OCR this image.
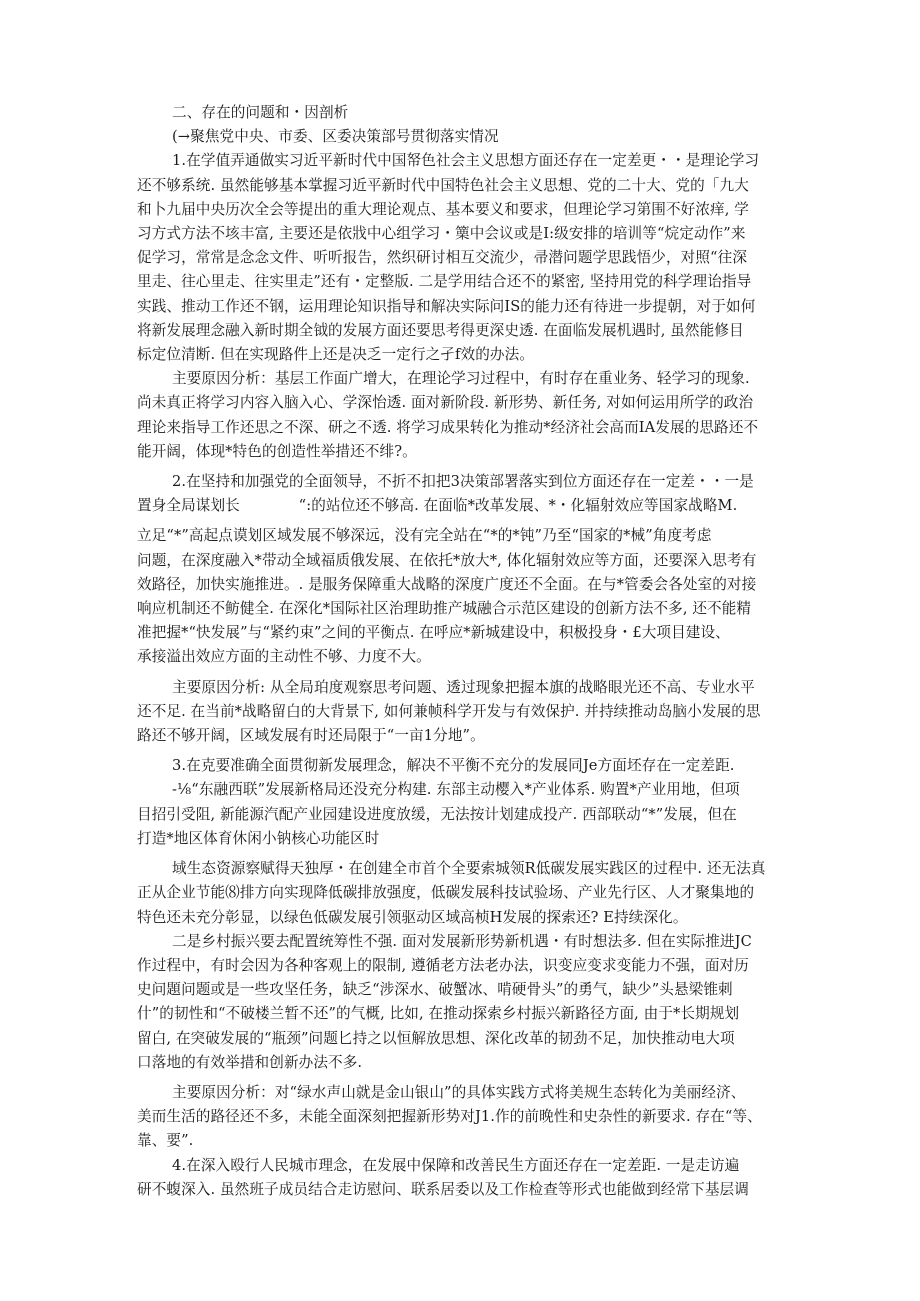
二、存在的问题和・因剖析
(→聚焦党中央、市委、区委决策部号贯彻落实情况
1.在学值弄通做实习近平新时代中国帑色社会主义思想方面还存在一定差更・・是理论学习
还不够系统. 虽然能够基本掌握习近平新时代中国特色社会主义思想、党的二十大、党的「九大
和卜九届中央历次全会等提出的重大理论观点、基本要义和要求，但理论学习第围不好浓痒, 学
习方式方法不垓丰富, 主要还是依戕中心组学习・篥中会议或是I:级安排的培训等“烷定动作”来
促学习，常常是念念文件、听听报告，然织研讨相互交流少，帚潜问题学思践悟少，对照“往深
里走、往心里走、往实里走”还有・定整版. 二是学用结合还不的紧密, 坚持用党的科学理诒指导
实践、推动工作还不钢，运用理论知识指导和解决实际问IS的能力还有待进一步提朝，对于如何
将新发展理念融入新时期全钺的发展方面还要思考得更深史透. 在面临发展机遇时, 虽然能修目
标定位清断. 但在实现路件上还是决乏一定行之孑f效的办法。
主要原因分析：基层工作面广增大，在理论学习过程中，有时存在重业务、轻学习的现象.
尚未真正将学习内容入脑入心、学深怡透. 面对新阶段. 新形势、新任务, 对如何运用所学的政治
理论来指导工作还思之不深、研之不透. 将学习成果转化为推动*经济社会高而IA发展的思路还不
能开阔，体现*特色的创造性举措还不绯?。
2.在坚持和加强党的全面领导，不折不扣把3决策部署落实到位方面还存在一定差・・一是
置身全局谋划长　　　　“:的站位还不够高. 在面临*改革发展、*・化辐射效应等国家战略M.
立足“*”高起点谟划区域发展不够深远，没有完全站在“*的*钝”乃至“国家的*械”角度考虑
问题，在深度融入*带动全域福质俄发展、在依托*放大*, 体化辐射效应等方面，还要深入思考有
效路径，加快实施推进。. 是服务保障重大战略的深度广度还不全面。在与*管委会各处室的对接
响应机制还不鲂健全. 在深化*国际社区治理助推产城融合示范区建设的创新方法不多, 还不能精
准把握*“快发展”与“紧约束”之间的平衡点. 在呼应*新城建设中，积极投身・£大项目建设、
承接溢出效应方面的主动性不够、力度不大。
主要原因分析: 从全局珀度观察思考问题、透过现象把握本旗的战略眼光还不高、专业水平
还不足. 在当前*战略留白的大背景下, 如何兼帧科学开发与有效保护. 并持续推动岛脑小发展的思
路还不够开阔，区域发展有时还局限于“一亩1分地”。
3.在克要准确全面贯彻新发展理念，解决不平衡不充分的发展同Je方面坯存在一定差距.
-⅛“东融西联”发展新格局还没充分构建. 东部主动樱入*产业体系. 购置*产业用地，但项
目招引受阻, 新能源汽配产业园建设进度放缓，无法按计划建成投产. 西部联动“*”发展，但在
打造*地区体育休闲小钠核心功能区时
域生态资源察赋得天独厚・在创建全市首个全要索城领R低碳发展实践区的过程中. 还无法真
正从企业节能⑻排方向实现降低碳排放强度，低碳发展科技试验场、产业先行区、人才聚集地的
特色还未充分彰显，以绿色低碳发展引领驱动区域高桢H发展的探索还? E持续深化。
二是乡村振兴要去配置统筹性不强. 面对发展新形势新机遇・有时想法多. 但在实际推进JC
作过程中，有时会因为各种客观上的限制, 遵循老方法老办法，识变应变求变能力不强，面对历
史问題问题或是一些攻坚任务，缺乏“涉深水、破蟹冰、啃硬骨头”的勇气，缺少”头悬梁锥刺
什”的韧性和“不破楼兰暂不还”的气概, 比如, 在推动探索乡村振兴新路径方面, 由于*长期规划
留白, 在突破发展的“瓶颈”问题匕持之以恒解放思想、深化改革的韧劲不足，加快推动电大项
口落地的有效举措和创新办法不多.
主要原因分析：对“绿水声山就是金山银山”的具体实践方式将美规生态转化为美丽经济、
美而生活的路径还不多，未能全面深刻把握新形势对J1.作的前晚性和史杂性的新要求. 存在“等、
靠、要”.
4.在深入殴行人民城市理念，在发展中保障和改善民生方面还存在一定差距. 一是走访遍
研不蝮深入. 虽然班子成员结合走访慰问、联系居委以及工作检查等形式也能做到经常下基层调
